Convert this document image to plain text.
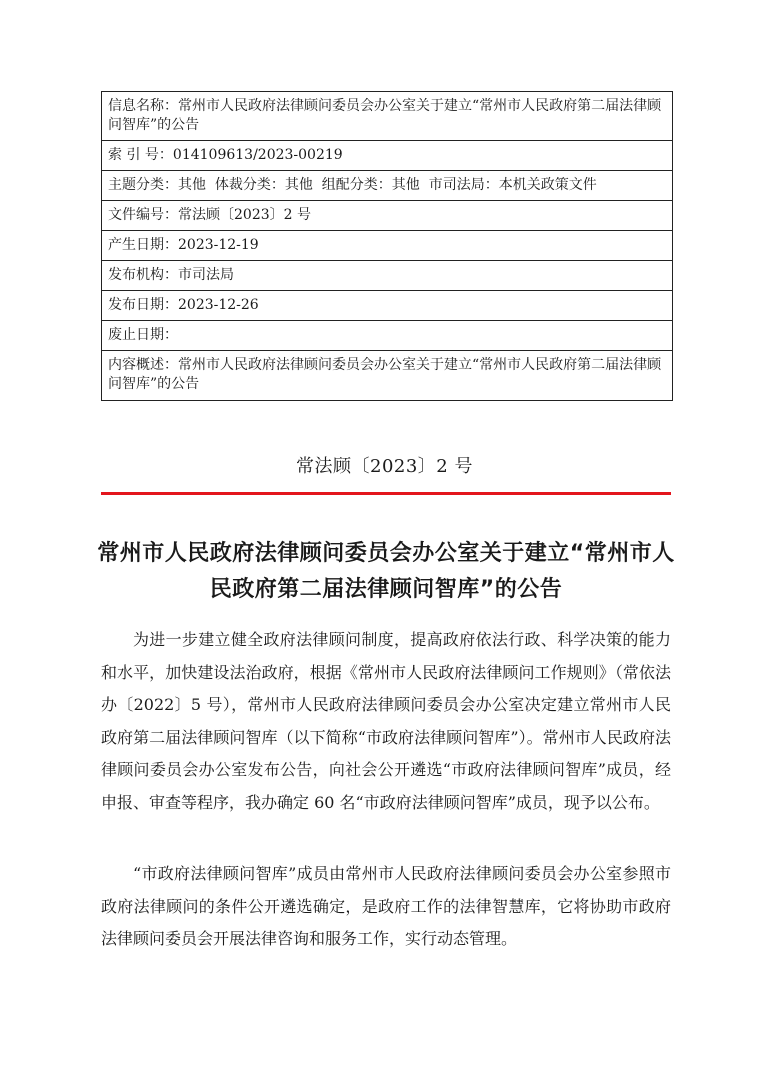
信息名称：常州市人民政府法律顾问委员会办公室关于建立“常州市人民政府第二届法律顾问智库”的公告
索 引 号： 014109613/2023-00219
主题分类： 其他  体裁分类：其他  组配分类：其他  市司法局：本机关政策文件
文件编号： 常法顾〔2023〕2 号
产生日期： 2023-12-19
发布机构： 市司法局
发布日期： 2023-12-26
废止日期：
内容概述：常州市人民政府法律顾问委员会办公室关于建立“常州市人民政府第二届法律顾问智库”的公告
常法顾〔2023〕2 号
常州市人民政府法律顾问委员会办公室关于建立“常州市人民政府第二届法律顾问智库”的公告
为进一步建立健全政府法律顾问制度，提高政府依法行政、科学决策的能力和水平，加快建设法治政府，根据《常州市人民政府法律顾问工作规则》（常依法办〔2022〕5 号），常州市人民政府法律顾问委员会办公室决定建立常州市人民政府第二届法律顾问智库（以下简称“市政府法律顾问智库”）。常州市人民政府法律顾问委员会办公室发布公告，向社会公开遴选“市政府法律顾问智库”成员，经申报、审查等程序，我办确定 60 名“市政府法律顾问智库”成员，现予以公布。
“市政府法律顾问智库”成员由常州市人民政府法律顾问委员会办公室参照市政府法律顾问的条件公开遴选确定，是政府工作的法律智慧库，它将协助市政府法律顾问委员会开展法律咨询和服务工作，实行动态管理。
